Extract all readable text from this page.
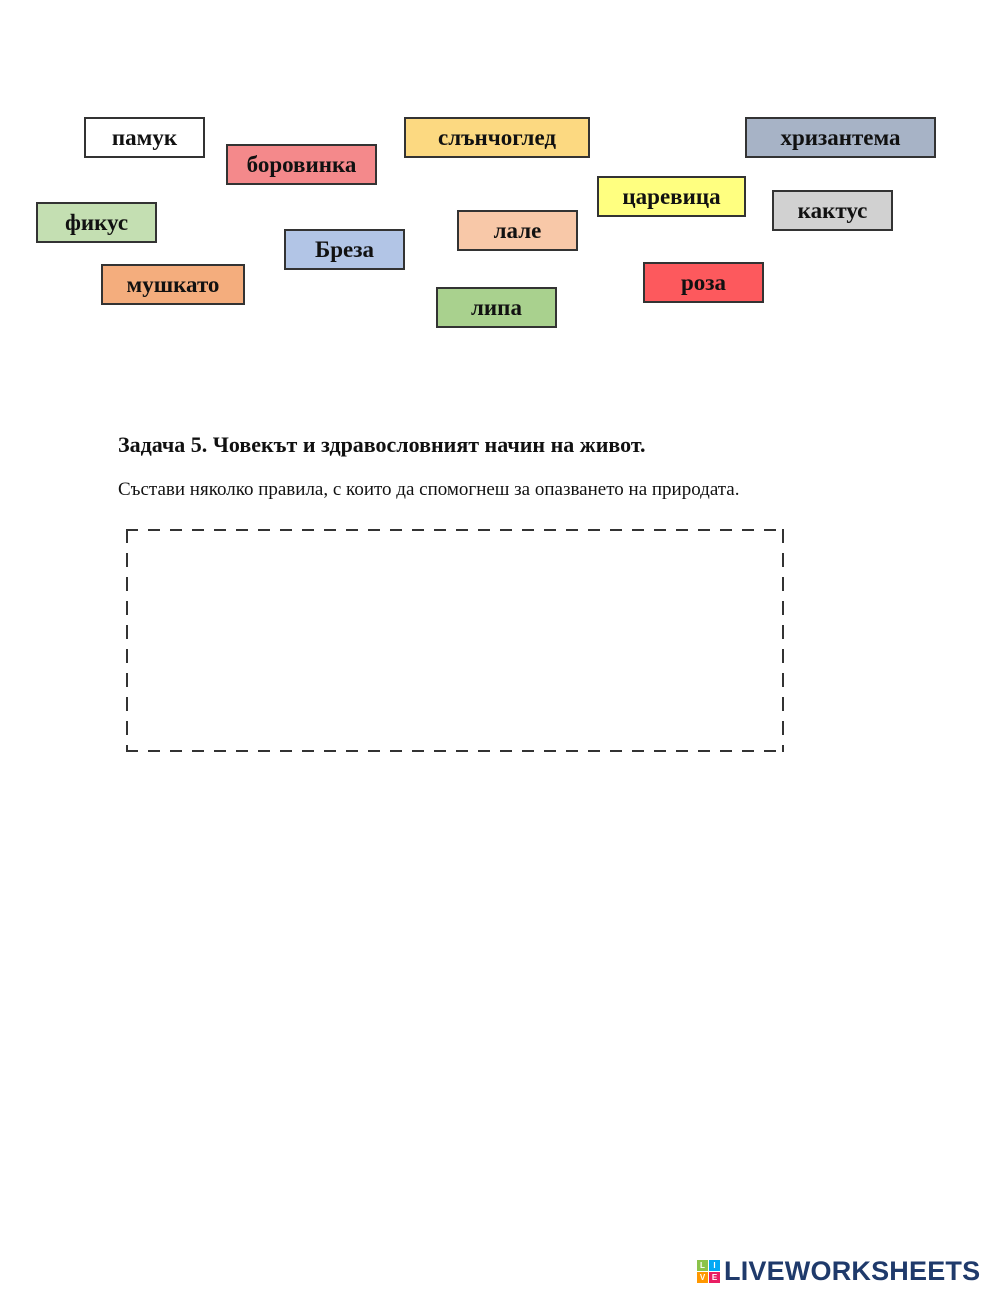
памук
боровинка
слънчоглед	хризантема
царевица
кактус
фикус	лале
Бреза
мушкато	роза
липа
Задача 5. Човекът и здравословният начин на живот.

Състави няколко правила, с които да спомогнеш за опазването на природата.

L	I
V E LIVEWORKSHEETS
